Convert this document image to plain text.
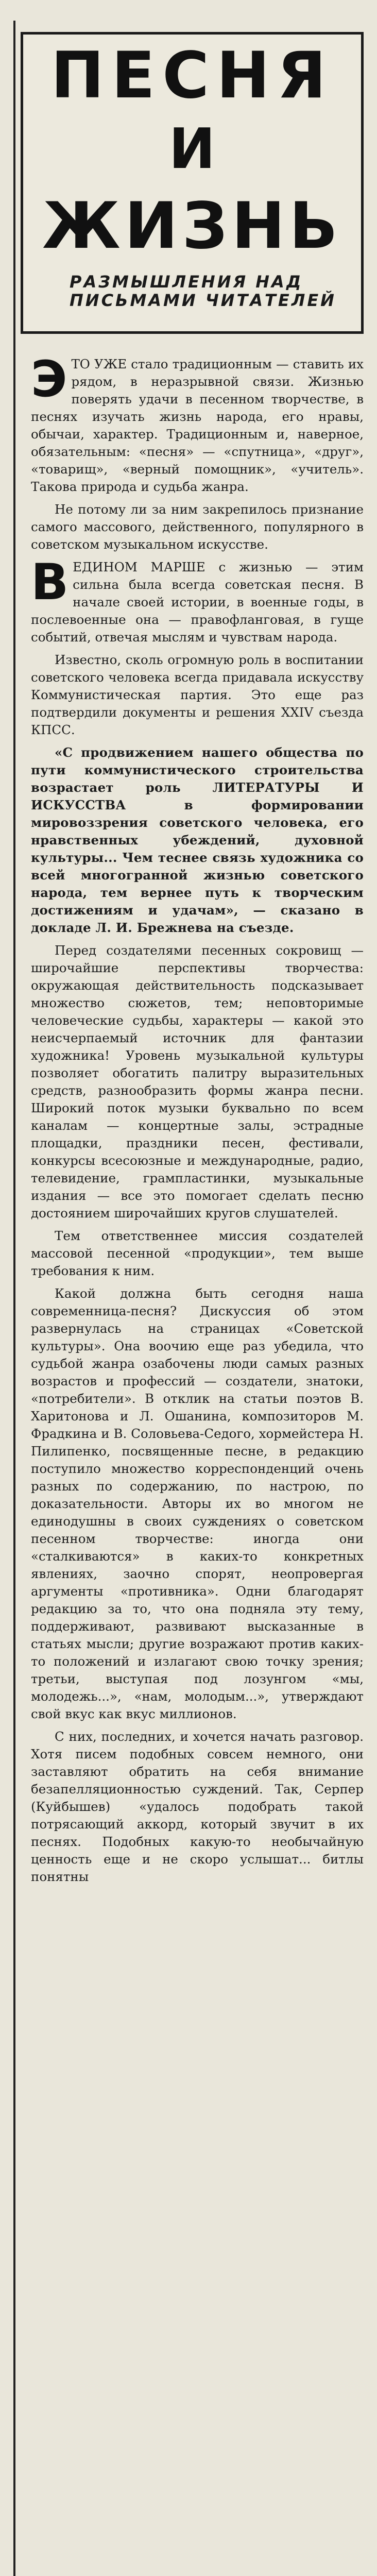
ПЕСНЯ
И
ЖИЗНЬ
РАЗМЫШЛЕНИЯ НАД ПИСЬМАМИ ЧИТАТЕЛЕЙ

ЭТО УЖЕ стало традиционным — ставить их рядом, в неразрывной связи. Жизнью поверять удачи в песенном творчестве, в песнях изучать жизнь народа, его нравы, обычаи, характер. Традиционным и, наверное, обязательным: «песня» — «спутница», «друг», «товарищ», «верный помощник», «учитель». Такова природа и судьба жанра.

Не потому ли за ним закрепилось признание самого массового, действенного, популярного в советском музыкальном искусстве.

В ЕДИНОМ МАРШЕ с жизнью — этим сильна была всегда советская песня. В начале своей истории, в военные годы, в послевоенные она — правофланговая, в гуще событий, отвечая мыслям и чувствам народа.

Известно, сколь огромную роль в воспитании советского человека всегда придавала искусству Коммунистическая партия. Это еще раз подтвердили документы и решения XXIV съезда КПСС.

«С продвижением нашего общества по пути коммунистического строительства возрастает роль ЛИТЕРАТУРЫ И ИСКУССТВА в формировании мировоззрения советского человека, его нравственных убеждений, духовной культуры... Чем теснее связь художника со всей многогранной жизнью советского народа, тем вернее путь к творческим достижениям и удачам», — сказано в докладе Л. И. Брежнева на съезде.

Перед создателями песенных сокровищ — широчайшие перспективы творчества: окружающая действительность подсказывает множество сюжетов, тем; неповторимые человеческие судьбы, характеры — какой это неисчерпаемый источник для фантазии художника! Уровень музыкальной культуры позволяет обогатить палитру выразительных средств, разнообразить формы жанра песни. Широкий поток музыки буквально по всем каналам — концертные залы, эстрадные площадки, праздники песен, фестивали, конкурсы всесоюзные и международные, радио, телевидение, грампластинки, музыкальные издания — все это помогает сделать песню достоянием широчайших кругов слушателей.

Тем ответственнее миссия создателей массовой песенной «продукции», тем выше требования к ним.

Какой должна быть сегодня наша современница-песня? Дискуссия об этом развернулась на страницах «Советской культуры». Она воочию еще раз убедила, что судьбой жанра озабочены люди самых разных возрастов и профессий — создатели, знатоки, «потребители». В отклик на статьи поэтов В. Харитонова и Л. Ошанина, композиторов М. Фрадкина и В. Соловьева-Седого, хормейстера Н. Пилипенко, посвященные песне, в редакцию поступило множество корреспонденций очень разных по содержанию, по настрою, по доказательности. Авторы их во многом не единодушны в своих суждениях о советском песенном творчестве: иногда они «сталкиваются» в каких-то конкретных явлениях, заочно спорят, неопровергая аргументы «противника». Одни благодарят редакцию за то, что она подняла эту тему, поддерживают, развивают высказанные в статьях мысли; другие возражают против каких-то положений и излагают свою точку зрения; третьи, выступая под лозунгом «мы, молодежь...», «нам, молодым...», утверждают свой вкус как вкус миллионов.

С них, последних, и хочется начать разговор. Хотя писем подобных совсем немного, они заставляют обратить на себя внимание безапелляционностью суждений. Так, Серпер (Куйбышев) «удалось подобрать такой потрясающий аккорд, который звучит в их песнях. Подобных какую-то необычайную ценность еще и не скоро услышат... битлы понятны
